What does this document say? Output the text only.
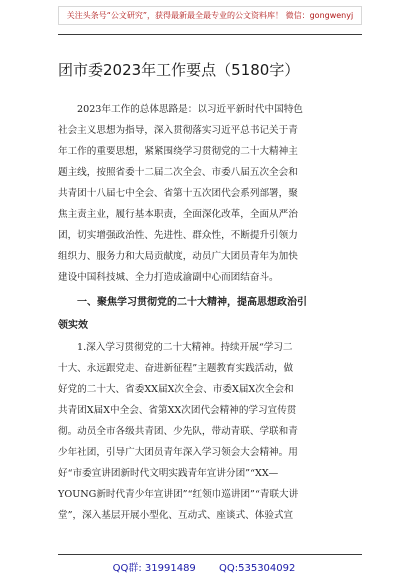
关注头条号“公文研究”，获得最新最全最专业的公文资料库！ 微信：gongwenyj
团市委2023年工作要点（5180字）
2023年工作的总体思路是：以习近平新时代中国特色
社会主义思想为指导，深入贯彻落实习近平总书记关于青
年工作的重要思想，紧紧围绕学习贯彻党的二十大精神主
题主线，按照省委十二届二次全会、市委八届五次全会和
共青团十八届七中全会、省第十五次团代会系列部署，聚
焦主责主业，履行基本职责，全面深化改革，全面从严治
团，切实增强政治性、先进性、群众性，不断提升引领力
组织力、服务力和大局贡献度，动员广大团员青年为加快
建设中国科技城、全力打造成渝副中心而团结奋斗。
一、聚焦学习贯彻党的二十大精神，提高思想政治引
领实效
1.深入学习贯彻党的二十大精神。持续开展“学习二
十大、永远跟党走、奋进新征程”主题教育实践活动，做
好党的二十大、省委XX届X次全会、市委X届X次全会和
共青团X届X中全会、省第XX次团代会精神的学习宣传贯
彻。动员全市各级共青团、少先队，带动青联、学联和青
少年社团，引导广大团员青年深入学习领会大会精神。用
好“市委宣讲团新时代文明实践青年宣讲分团”“XX—
YOUNG新时代青少年宣讲团”“红领巾巡讲团”“青联大讲
堂”，深入基层开展小型化、互动式、座谈式、体验式宣
QQ群: 31991489 QQ:535304092
